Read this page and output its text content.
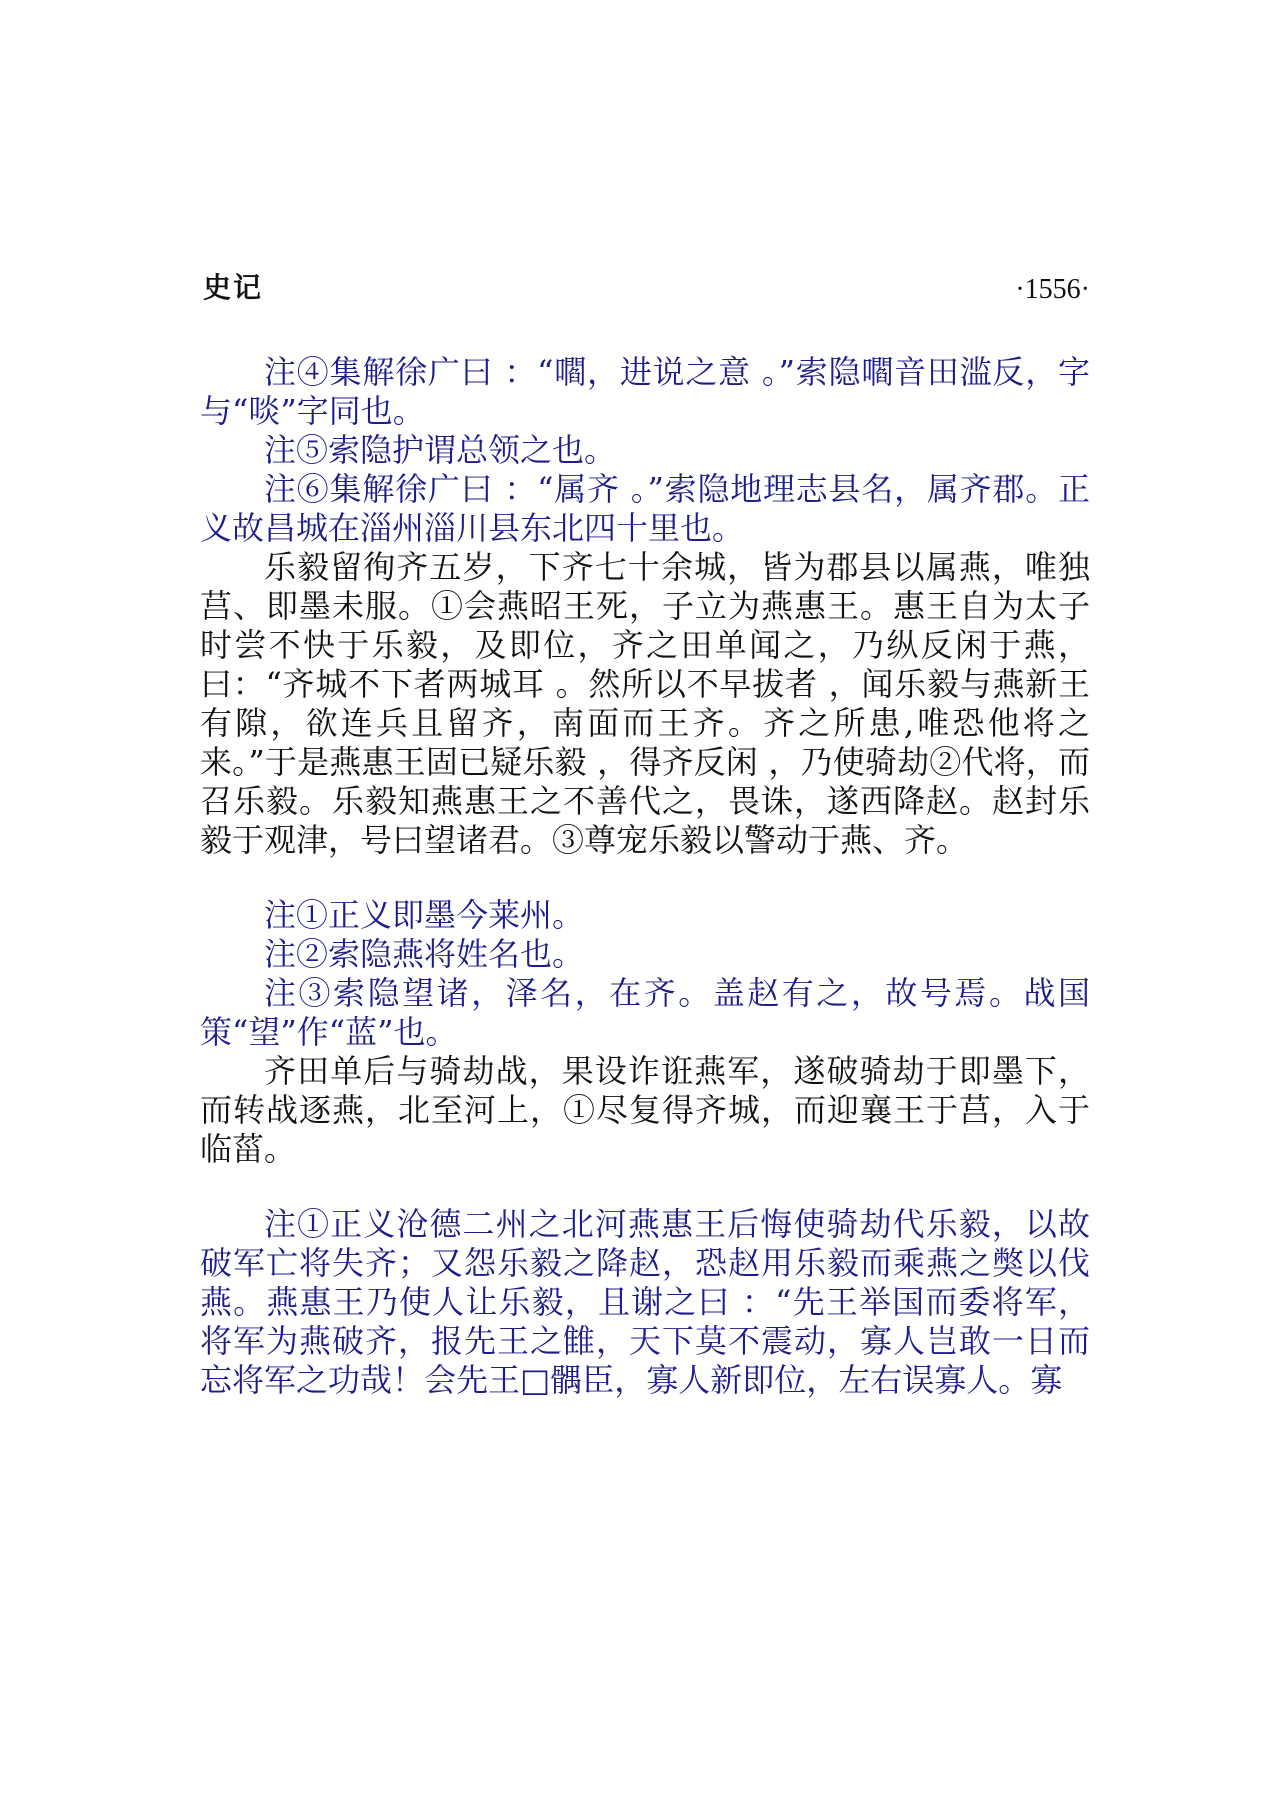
史记	·1556·

注④集解徐广曰 ：“嚪，进说之意 。”索隐嚪音田滥反，字与“啖”字同也。

注⑤索隐护谓总领之也。

注⑥集解徐广曰 ：“属齐 。”索隐地理志县名，属齐郡。正义故昌城在淄州淄川县东北四十里也。

乐毅留徇齐五岁，下齐七十余城，皆为郡县以属燕，唯独莒、即墨未服。①会燕昭王死，子立为燕惠王。惠王自为太子时尝不快于乐毅，及即位，齐之田单闻之，乃纵反闲于燕，曰：“齐城不下者两城耳 。然所以不早拔者 ，闻乐毅与燕新王有隙，欲连兵且留齐，南面而王齐。齐之所患,唯恐他将之来。”于是燕惠王固已疑乐毅 ，得齐反闲 ，乃使骑劫②代将，而召乐毅。乐毅知燕惠王之不善代之，畏诛，遂西降赵。赵封乐毅于观津，号曰望诸君。③尊宠乐毅以警动于燕、齐。

注①正义即墨今莱州。

注②索隐燕将姓名也。

注③索隐望诸，泽名，在齐。盖赵有之，故号焉。战国策“望”作“蓝”也。

齐田单后与骑劫战，果设诈诳燕军，遂破骑劫于即墨下，而转战逐燕，北至河上，①尽复得齐城，而迎襄王于莒，入于临菑。

注①正义沧德二州之北河燕惠王后悔使骑劫代乐毅，以故破军亡将失齐；又怨乐毅之降赵，恐赵用乐毅而乘燕之獘以伐燕。燕惠王乃使人让乐毅，且谢之曰 ：“先王举国而委将军，将军为燕破齐，报先王之雔，天下莫不震动，寡人岂敢一日而忘将军之功哉！会先王□髃臣，寡人新即位，左右误寡人。寡
